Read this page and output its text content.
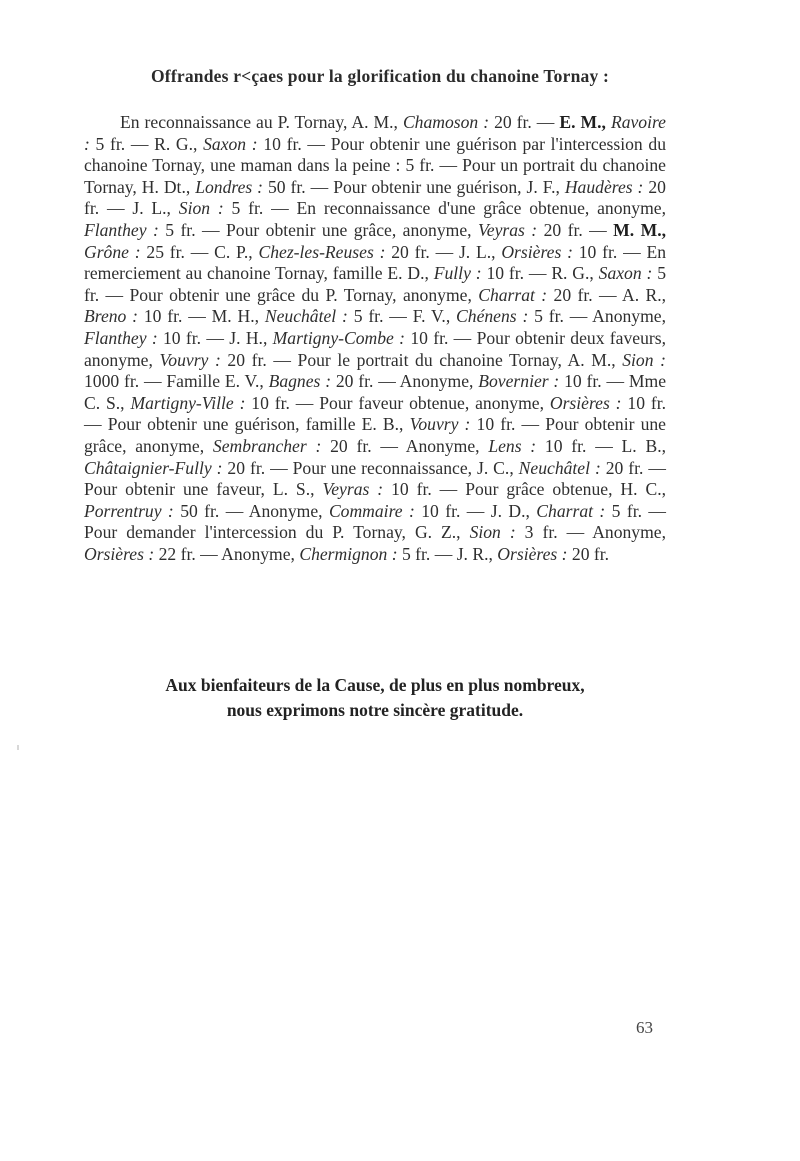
Offrandes r<çaes pour la glorification du chanoine Tornay :

En reconnaissance au P. Tornay, A. M., Chamoson : 20 fr. — E. M., Ravoire : 5 fr. — R. G., Saxon : 10 fr. — Pour obtenir une guérison par l'intercession du chanoine Tornay, une maman dans la peine : 5 fr. — Pour un portrait du chanoine Tornay, H. Dt., Londres : 50 fr. — Pour obtenir une guérison, J. F., Haudères : 20 fr. — J. L., Sion : 5 fr. — En reconnaissance d'une grâce obtenue, anonyme, Flanthey : 5 fr. — Pour obtenir une grâce, anonyme, Veyras : 20 fr. — M. M., Grône : 25 fr. — C. P., Chez-les-Reuses : 20 fr. — J. L., Orsières : 10 fr. — En remerciement au chanoine Tornay, famille E. D., Fully : 10 fr. — R. G., Saxon : 5 fr. — Pour obtenir une grâce du P. Tornay, anonyme, Charrat : 20 fr. — A. R., Breno : 10 fr. — M. H., Neuchâtel : 5 fr. — F. V., Chénens : 5 fr. — Anonyme, Flanthey : 10 fr. — J. H., Martigny-Combe : 10 fr. — Pour obtenir deux faveurs, anonyme, Vouvry : 20 fr. — Pour le portrait du chanoine Tornay, A. M., Sion : 1000 fr. — Famille E. V., Bagnes : 20 fr. — Anonyme, Bovernier : 10 fr. — Mme C. S., Martigny-Ville : 10 fr. — Pour faveur obtenue, anonyme, Orsières : 10 fr. — Pour obtenir une guérison, famille E. B., Vouvry : 10 fr. — Pour obtenir une grâce, anonyme, Sembrancher : 20 fr. — Anonyme, Lens : 10 fr. — L. B., Châtaignier-Fully : 20 fr. — Pour une reconnaissance, J. C., Neuchâtel : 20 fr. — Pour obtenir une faveur, L. S., Veyras : 10 fr. — Pour grâce obtenue, H. C., Porrentruy : 50 fr. — Anonyme, Commaire : 10 fr. — J. D., Charrat : 5 fr. — Pour demander l'intercession du P. Tornay, G. Z., Sion : 3 fr. — Anonyme, Orsières : 22 fr. — Anonyme, Chermignon : 5 fr. — J. R., Orsières : 20 fr.

Aux bienfaiteurs de la Cause, de plus en plus nombreux,
nous exprimons notre sincère gratitude.
63
